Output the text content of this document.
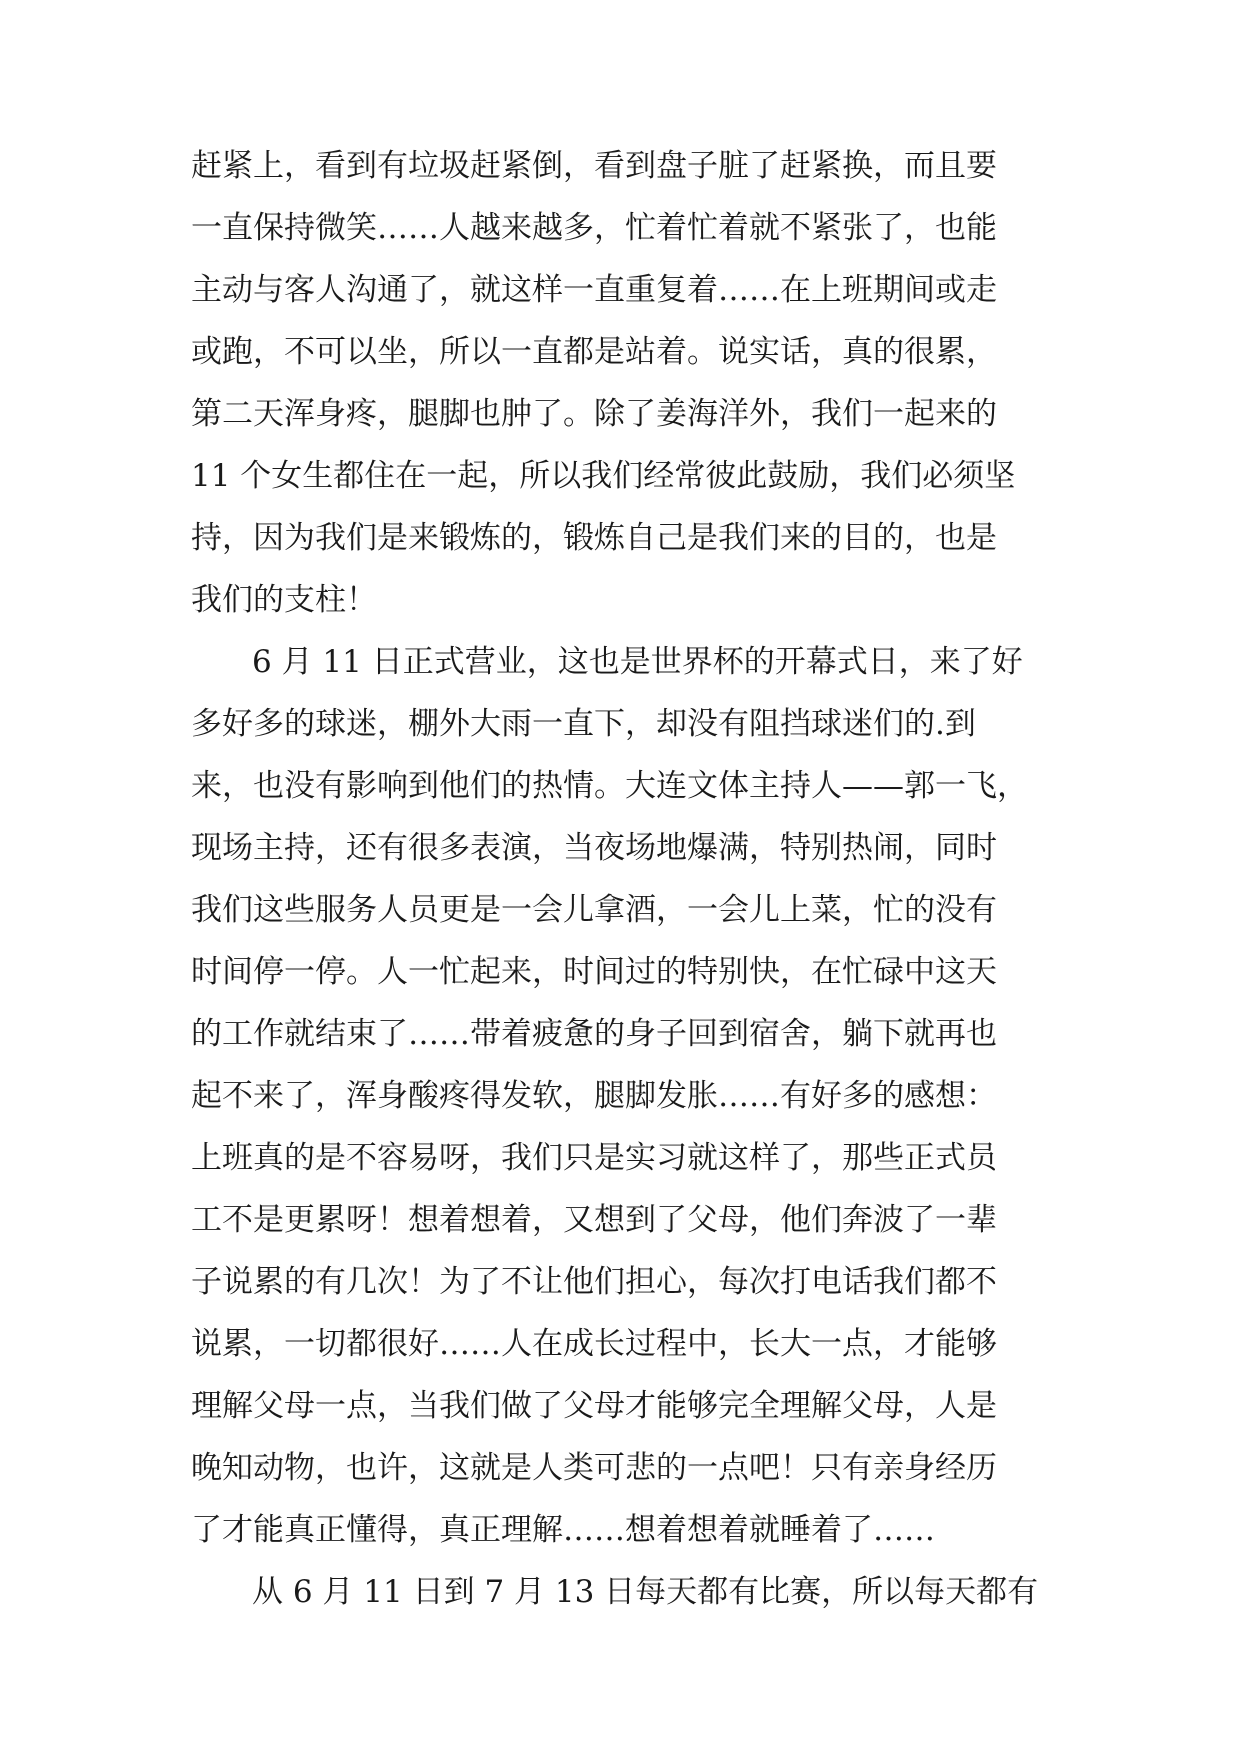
赶紧上，看到有垃圾赶紧倒，看到盘子脏了赶紧换，而且要
一直保持微笑……人越来越多，忙着忙着就不紧张了，也能
主动与客人沟通了，就这样一直重复着……在上班期间或走
或跑，不可以坐，所以一直都是站着。说实话，真的很累，
第二天浑身疼，腿脚也肿了。除了姜海洋外，我们一起来的
11 个女生都住在一起，所以我们经常彼此鼓励，我们必须坚
持，因为我们是来锻炼的，锻炼自己是我们来的目的，也是
我们的支柱！
6 月 11 日正式营业，这也是世界杯的开幕式日，来了好
多好多的球迷，棚外大雨一直下，却没有阻挡球迷们的.到
来，也没有影响到他们的热情。大连文体主持人——郭一飞，
现场主持，还有很多表演，当夜场地爆满，特别热闹，同时
我们这些服务人员更是一会儿拿酒，一会儿上菜，忙的没有
时间停一停。人一忙起来，时间过的特别快，在忙碌中这天
的工作就结束了……带着疲惫的身子回到宿舍，躺下就再也
起不来了，浑身酸疼得发软，腿脚发胀……有好多的感想：
上班真的是不容易呀，我们只是实习就这样了，那些正式员
工不是更累呀！想着想着，又想到了父母，他们奔波了一辈
子说累的有几次！为了不让他们担心，每次打电话我们都不
说累，一切都很好……人在成长过程中，长大一点，才能够
理解父母一点，当我们做了父母才能够完全理解父母，人是
晚知动物，也许，这就是人类可悲的一点吧！只有亲身经历
了才能真正懂得，真正理解……想着想着就睡着了……
从 6 月 11 日到 7 月 13 日每天都有比赛，所以每天都有
